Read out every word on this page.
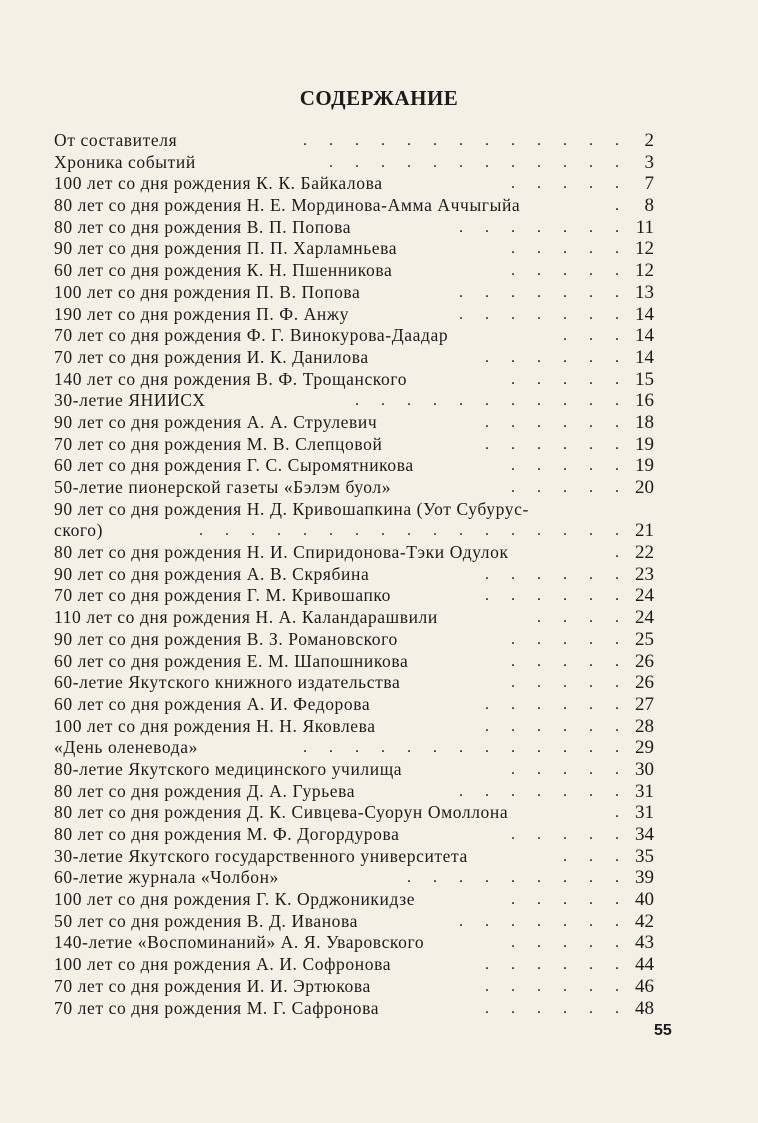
СОДЕРЖАНИЕ
От составителя	. . . . . . . . . . . . . 2
Хроника событий	. . . . . . . . . . . . 3
100 лет со дня рождения К. К. Байкалова	. . . . . 7
80 лет со дня рождения Н. Е. Мординова-Амма Аччыгыйа	. 8
80 лет со дня рождения В. П. Попова	. . . . . . . 11
90 лет со дня рождения П. П. Харламньева	. . . . . 12
60 лет со дня рождения К. Н. Пшенникова	. . . . . 12
100 лет со дня рождения П. В. Попова	. . . . . . . 13
190 лет со дня рождения П. Ф. Анжу	. . . . . . . 14
70 лет со дня рождения Ф. Г. Винокурова-Даадар	. . . 14
70 лет со дня рождения И. К. Данилова	. . . . . . 14
140 лет со дня рождения В. Ф. Трощанского	. . . . . 15
30-летие ЯНИИСХ	. . . . . . . . . . . 16
90 лет со дня рождения А. А. Струлевич	. . . . . . 18
70 лет со дня рождения М. В. Слепцовой	. . . . . . 19
60 лет со дня рождения Г. С. Сыромятникова	. . . . . 19
50-летие пионерской газеты «Бэлэм буол»	. . . . . 20
90 лет со дня рождения Н. Д. Кривошапкина (Уот Субурус-
ского)	. . . . . . . . . . . . . . . . . 21
80 лет со дня рождения Н. И. Спиридонова-Тэки Одулок	. 22
90 лет со дня рождения А. В. Скрябина	. . . . . . 23
70 лет со дня рождения Г. М. Кривошапко	. . . . . . 24
110 лет со дня рождения Н. А. Каландарашвили	. . . . 24
90 лет со дня рождения В. З. Романовского	. . . . . 25
60 лет со дня рождения Е. М. Шапошникова	. . . . . 26
60-летие Якутского книжного издательства	. . . . . 26
60 лет со дня рождения А. И. Федорова	. . . . . . 27
100 лет со дня рождения Н. Н. Яковлева	. . . . . . 28
«День оленевода»	. . . . . . . . . . . . . 29
80-летие Якутского медицинского училища	. . . . . 30
80 лет со дня рождения Д. А. Гурьева	. . . . . . . 31
80 лет со дня рождения Д. К. Сивцева-Суорун Омоллона	. 31
80 лет со дня рождения М. Ф. Догордурова	. . . . . 34
30-летие Якутского государственного университета	. . . 35
60-летие журнала «Чолбон»	. . . . . . . . . 39
100 лет со дня рождения Г. К. Орджоникидзе	. . . . . 40
50 лет со дня рождения В. Д. Иванова	. . . . . . . 42
140-летие «Воспоминаний» А. Я. Уваровского	. . . . . 43
100 лет со дня рождения А. И. Софронова	. . . . . . 44
70 лет со дня рождения И. И. Эртюкова	. . . . . . 46
70 лет со дня рождения М. Г. Сафронова	. . . . . . 48
55
